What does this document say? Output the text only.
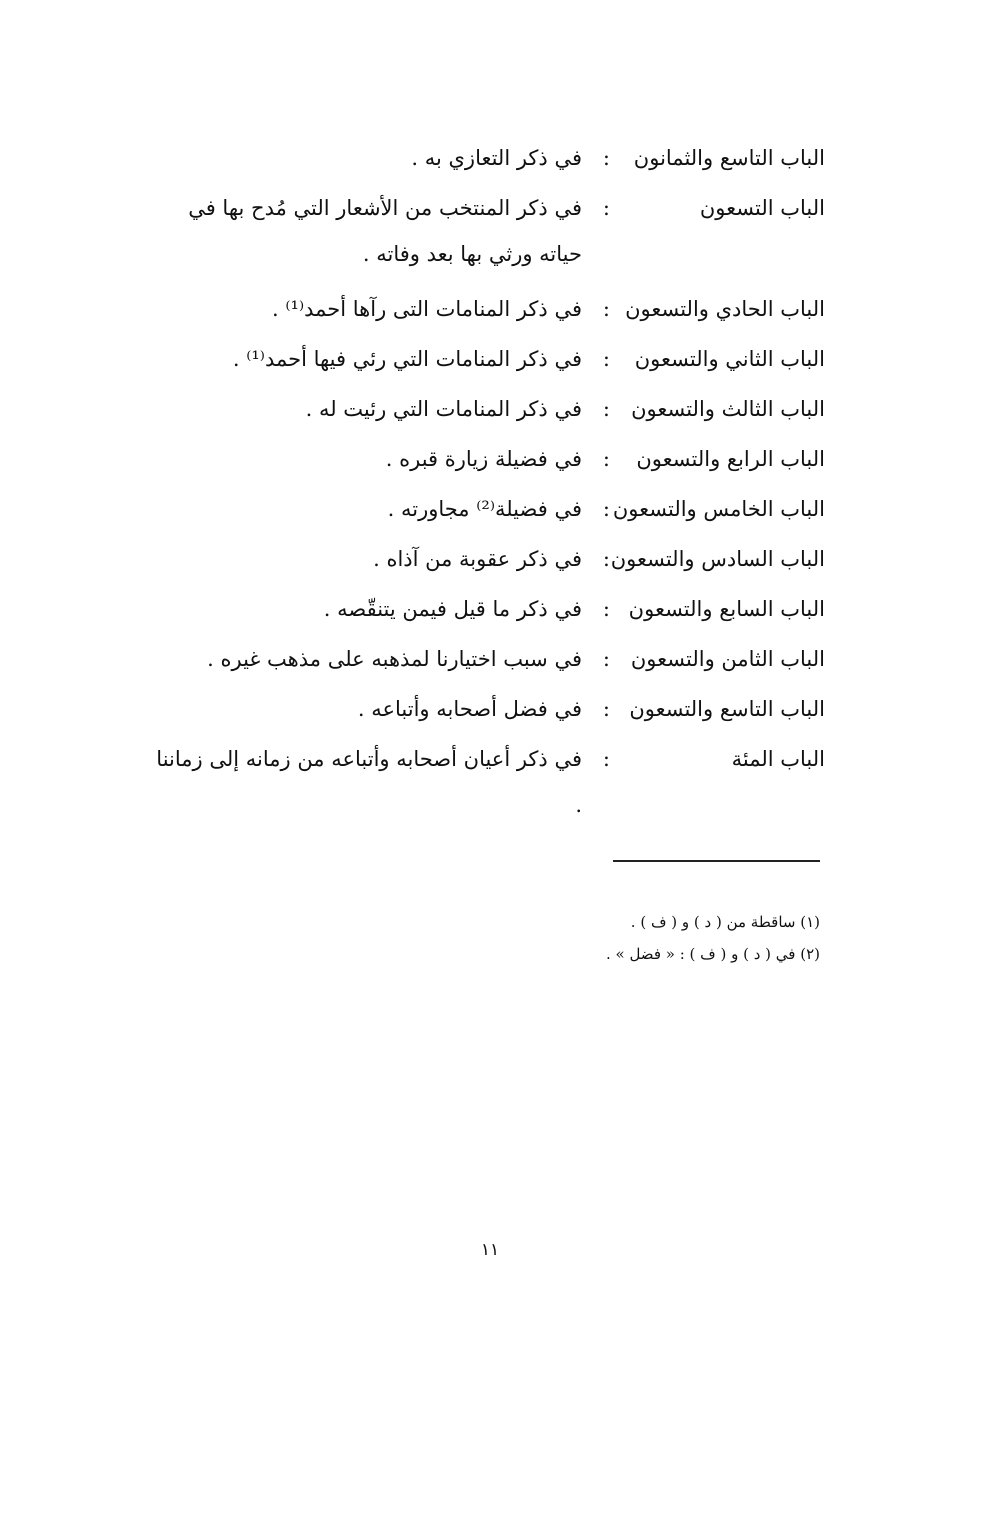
الباب التاسع والثمانون
:
في ذكر التعازي به .
الباب التسعون
:
في ذكر المنتخب من الأشعار التي مُدح بها في حياته ورثي بها بعد وفاته .
الباب الحادي والتسعون
:
في ذكر المنامات التى رآها أحمد⁽¹⁾ .
الباب الثاني والتسعون
:
في ذكر المنامات التي رئي فيها أحمد⁽¹⁾ .
الباب الثالث والتسعون
:
في ذكر المنامات التي رئيت له .
الباب الرابع والتسعون
:
في فضيلة زيارة قبره .
الباب الخامس والتسعون
:
في فضيلة⁽²⁾ مجاورته .
الباب السادس والتسعون
:
في ذكر عقوبة من آذاه .
الباب السابع والتسعون
:
في ذكر ما قيل فيمن يتنقّصه .
الباب الثامن والتسعون
:
في سبب اختيارنا لمذهبه على مذهب غيره .
الباب التاسع والتسعون
:
في فضل أصحابه وأتباعه .
الباب المئة
:
في ذكر أعيان أصحابه وأتباعه من زمانه إلى زماننا .
(١) ساقطة من ( د ) و ( ف ) .
(٢) في ( د ) و ( ف ) : « فضل » .
١١
